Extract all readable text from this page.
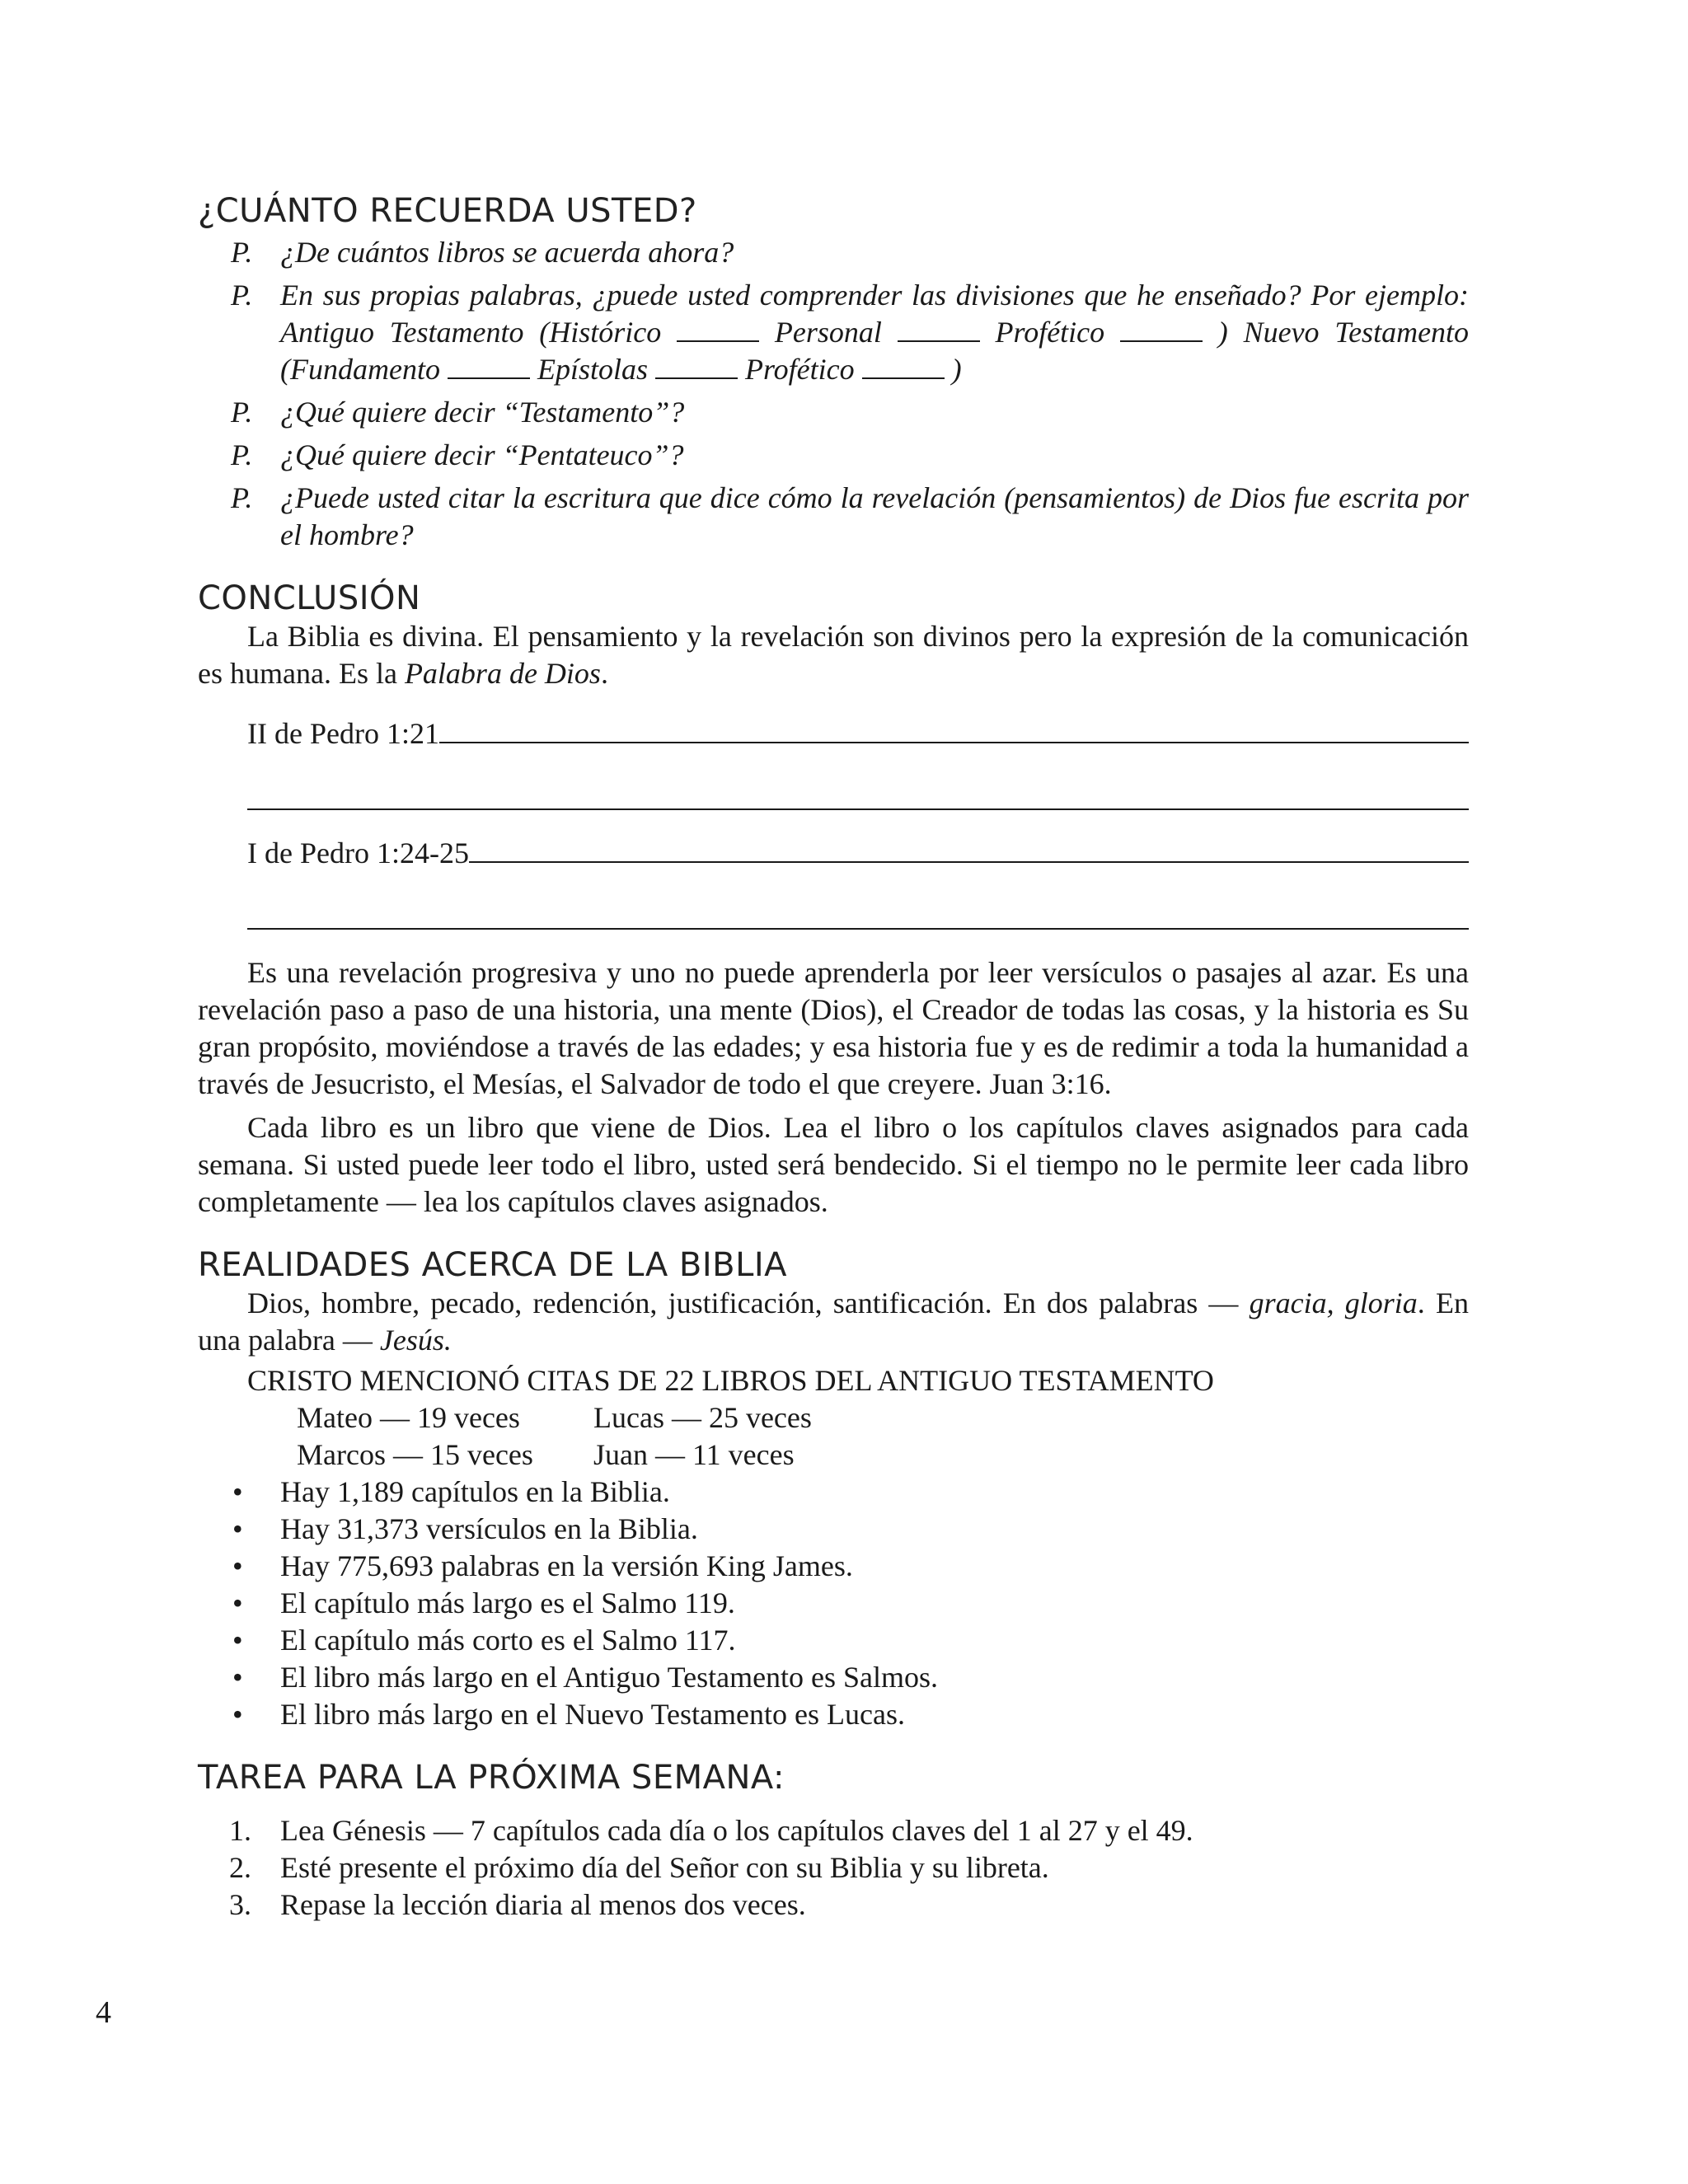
¿CUÁNTO RECUERDA USTED?
P. ¿De cuántos libros se acuerda ahora?
P. En sus propias palabras, ¿puede usted comprender las divisiones que he enseñado? Por ejemplo: Antiguo Testamento (Histórico	Personal	Profético	) Nuevo Testamento (Fundamento	Epístolas	Profético	)
P. ¿Qué quiere decir “Testamento”?
P. ¿Qué quiere decir “Pentateuco”?
P. ¿Puede usted citar la escritura que dice cómo la revelación (pensamientos) de Dios fue escrita por el hombre?
CONCLUSIÓN

La Biblia es divina. El pensamiento y la revelación son divinos pero la expresión de la comunicación es humana. Es la Palabra de Dios.

II de Pedro 1:21
I de Pedro 1:24-25

Es una revelación progresiva y uno no puede aprenderla por leer versículos o pasajes al azar. Es una revelación paso a paso de una historia, una mente (Dios), el Creador de todas las cosas, y la historia es Su gran propósito, moviéndose a través de las edades; y esa historia fue y es de redimir a toda la humanidad a través de Jesucristo, el Mesías, el Salvador de todo el que creyere. Juan 3:16.

Cada libro es un libro que viene de Dios. Lea el libro o los capítulos claves asignados para cada semana. Si usted puede leer todo el libro, usted será bendecido. Si el tiempo no le permite leer cada libro completamente — lea los capítulos claves asignados.

REALIDADES ACERCA DE LA BIBLIA

Dios, hombre, pecado, redención, justificación, santificación. En dos palabras — gracia, gloria. En una palabra — Jesús.

CRISTO MENCIONÓ CITAS DE 22 LIBROS DEL ANTIGUO TESTAMENTO
Mateo — 19 veces	Lucas — 25 veces
Marcos — 15 veces	Juan — 11 veces
•	Hay 1,189 capítulos en la Biblia.
•	Hay 31,373 versículos en la Biblia.
•	Hay 775,693 palabras en la versión King James.
•	El capítulo más largo es el Salmo 119.
•	El capítulo más corto es el Salmo 117.
•	El libro más largo en el Antiguo Testamento es Salmos.
•	El libro más largo en el Nuevo Testamento es Lucas.
TAREA PARA LA PRÓXIMA SEMANA:
1. Lea Génesis — 7 capítulos cada día o los capítulos claves del 1 al 27 y el 49.
2. Esté presente el próximo día del Señor con su Biblia y su libreta.
3. Repase la lección diaria al menos dos veces.
4
